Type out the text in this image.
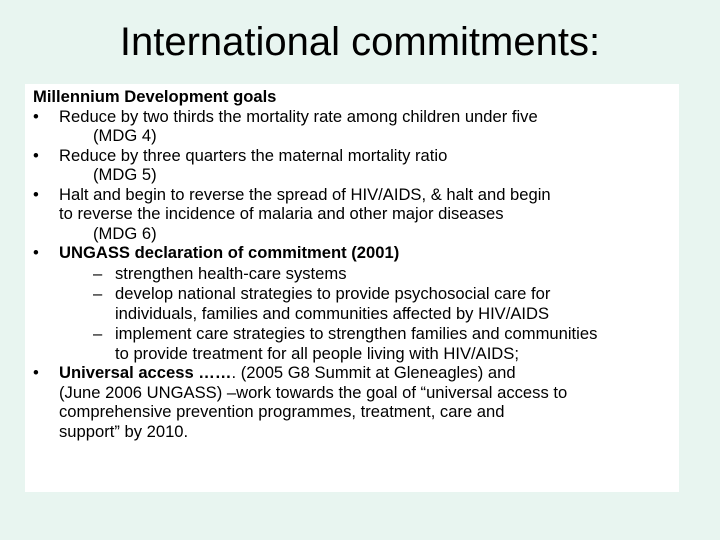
International commitments:
Millennium Development goals
• Reduce by two thirds the mortality rate among children under five
(MDG 4)
• Reduce by three quarters the maternal mortality ratio
(MDG 5)
• Halt and begin to reverse the spread of HIV/AIDS, & halt and begin
to reverse the incidence of malaria and other major diseases
(MDG 6)
• UNGASS declaration of commitment (2001)
– strengthen health-care systems
– develop national strategies to provide psychosocial care for
individuals, families and communities affected by HIV/AIDS
– implement care strategies to strengthen families and communities
to provide treatment for all people living with HIV/AIDS;
• Universal access ……. (2005 G8 Summit at Gleneagles) and
(June 2006 UNGASS) –work towards the goal of “universal access to
comprehensive prevention programmes, treatment, care and
support” by 2010.
